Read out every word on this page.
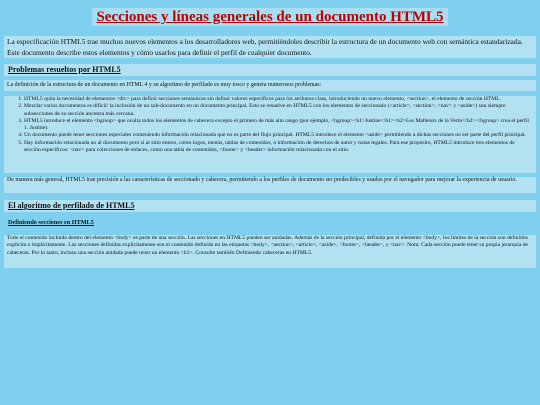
Secciones y líneas generales de un documento HTML5
La especificación HTML5 trae muchos nuevos elementos a los desarrolladores web, permitiéndoles describir la estructura de un documento web con semántica estandarizada. Este documento describe estos elementos y cómo usarlos para definir el perfil de cualquier documento.
Problemas resueltos por HTML5
La definición de la estructura de un documento en HTML 4 y su algoritmo de perfilado es muy tosco y genera numerosos problemas:
1. HTML5 quita la necesidad de elementos <div> para definir secciones semánticas sin definir valores específicos para los atributos class, introduciendo un nuevo elemento, <section>, el elemento de sección HTML.
2. Mezclar varios documentos es difícil: la inclusión de un sub-documento en un documento principal. Esto se resuelve en HTML5 con los elementos de seccionado (<article>, <section>, <nav> y <aside>) son siempre subsecciones de su sección ancestra más cercana.
3. HTML5 introduce el elemento <hgroup> que oculta todos los elementos de cabecera excepto el primero de más alto rango (por ejemplo, <hgroup><h1>Justine</h1><h2>Les Malheurs de la Vertu</h2></hgroup> crea el perfil 1. Justine).
4. Un documento puede tener secciones especiales conteniendo información relacionada que no es parte del flujo principal. HTML5 introduce el elemento <aside> permitiendo a dichas secciones no ser parte del perfil principal.
5. Hay información relacionada no al documento pero si al sitio entero, como logos, menús, tablas de contenidos, o información de derechos de autor y notas legales. Para ese propósito, HTML5 introduce tres elementos de sección específicos: <nav> para colecciones de enlaces, como una tabla de contenidos, <footer> y <header> información relacionada con el sitio.
De manera más general, HTML5 trae precisión a las características de seccionado y cabecera, permitiendo a los perfiles de documento ser predecibles y usados por el navegador para mejorar la experiencia de usuario.
El algoritmo de perfilado de HTML5
Definiendo secciones en HTML5
Todo el contenido incluido dentro del elemento <body> es parte de una sección. Las secciones en HTML5 pueden ser anidadas. Además de la sección principal, definida por el elemento <body>, los límites de la sección son definidos explícita o implícitamente. Las secciones definidas explícitamente son el contenido definido en las etiquetas <body>, <section>, <article>, <aside>, <footer>, <header>, y <nav>. Nota: Cada sección puede tener su propia jerarquía de cabeceras. Por lo tanto, incluso una sección anidada puede tener un elemento <h1>. Consulte también Definiendo cabeceras en HTML5.
